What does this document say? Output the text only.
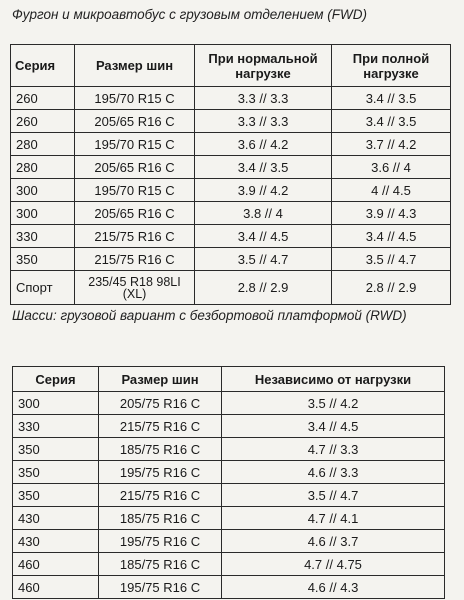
Фургон и микроавтобус с грузовым отделением (FWD)
Серия	Размер шин	При нормальной нагрузке	При полной нагрузке
260	195/70 R15 C	3.3 // 3.3	3.4 // 3.5
260	205/65 R16 C	3.3 // 3.3	3.4 // 3.5
280	195/70 R15 C	3.6 // 4.2	3.7 // 4.2
280	205/65 R16 C	3.4 // 3.5	3.6 // 4
300	195/70 R15 C	3.9 // 4.2	4 // 4.5
300	205/65 R16 C	3.8 // 4	3.9 // 4.3
330	215/75 R16 C	3.4 // 4.5	3.4 // 4.5
350	215/75 R16 C	3.5 // 4.7	3.5 // 4.7
Спорт	235/45 R18 98LI (XL)	2.8 // 2.9	2.8 // 2.9
Шасси: грузовой вариант с безбортовой платформой (RWD)
Серия	Размер шин	Независимо от нагрузки
300	205/75 R16 C	3.5 // 4.2
330	215/75 R16 C	3.4 // 4.5
350	185/75 R16 C	4.7 // 3.3
350	195/75 R16 C	4.6 // 3.3
350	215/75 R16 C	3.5 // 4.7
430	185/75 R16 C	4.7 // 4.1
430	195/75 R16 C	4.6 // 3.7
460	185/75 R16 C	4.7 // 4.75
460	195/75 R16 C	4.6 // 4.3
